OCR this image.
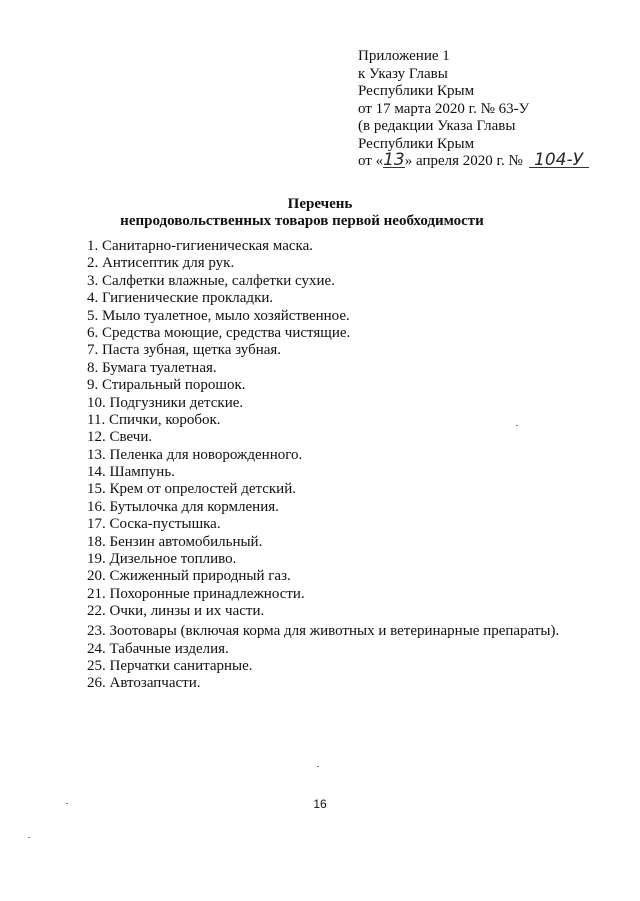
Приложение 1
к Указу Главы
Республики Крым
от 17 марта 2020 г. № 63-У
(в редакции Указа Главы
Республики Крым
от «13» апреля 2020 г. № 104-У
Перечень
непродовольственных товаров первой необходимости
1. Санитарно-гигиеническая маска.
2. Антисептик для рук.
3. Салфетки влажные, салфетки сухие.
4. Гигиенические прокладки.
5. Мыло туалетное, мыло хозяйственное.
6. Средства моющие, средства чистящие.
7. Паста зубная, щетка зубная.
8. Бумага туалетная.
9. Стиральный порошок.
10. Подгузники детские.
11. Спички, коробок.
12. Свечи.
13. Пеленка для новорожденного.
14. Шампунь.
15. Крем от опрелостей детский.
16. Бутылочка для кормления.
17. Соска-пустышка.
18. Бензин автомобильный.
19. Дизельное топливо.
20. Сжиженный природный газ.
21. Похоронные принадлежности.
22. Очки, линзы и их части.
23. Зоотовары (включая корма для животных и ветеринарные препараты).
24. Табачные изделия.
25. Перчатки санитарные.
26. Автозапчасти.
16
